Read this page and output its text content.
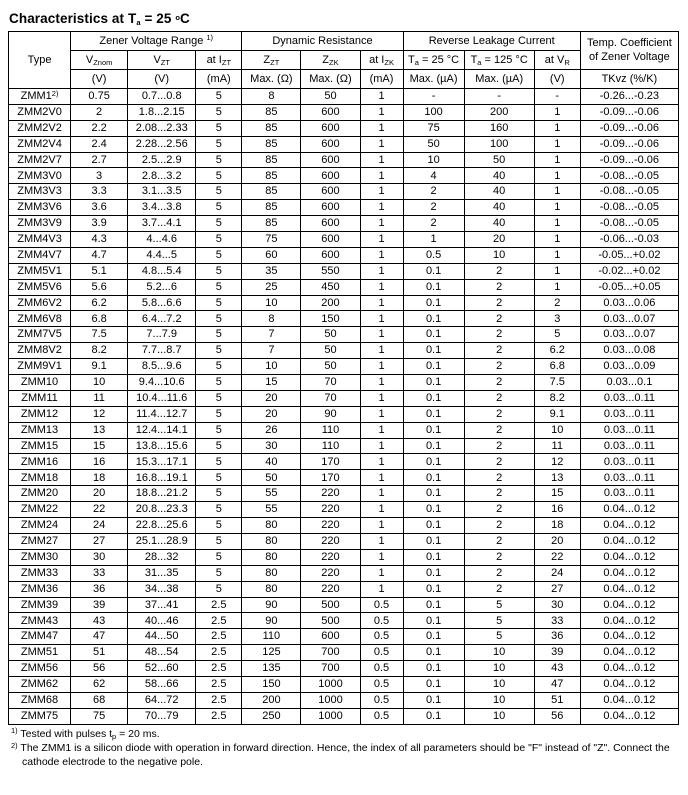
Characteristics at $T_a = 25$ $^o$C
Type	Zener Voltage Range $^{1)}$			Dynamic Resistance			Reverse Leakage Current			Temp. Coefficient of Zener Voltage
	$V_{Znom}$	$V_{ZT}$	at $I_{ZT}$	$Z_{ZT}$	$Z_{ZK}$	at $I_{ZK}$	$T_a = 25$ °C	$T_a = 125$ °C	at $V_R$
	(V)	(V)	(mA)	Max. (Ω)	Max. (Ω)	(mA)	Max. (µA)	Max. (µA)	(V)	TKvz (%/K)
ZMM1$^{2)}$	0.75	0.7...0.8	5	8	50	1	-	-	-	-0.26...-0.23
ZMM2V0	2	1.8...2.15	5	85	600	1	100	200	1	-0.09...-0.06
ZMM2V2	2.2	2.08...2.33	5	85	600	1	75	160	1	-0.09...-0.06
ZMM2V4	2.4	2.28...2.56	5	85	600	1	50	100	1	-0.09...-0.06
ZMM2V7	2.7	2.5...2.9	5	85	600	1	10	50	1	-0.09...-0.06
ZMM3V0	3	2.8...3.2	5	85	600	1	4	40	1	-0.08...-0.05
ZMM3V3	3.3	3.1...3.5	5	85	600	1	2	40	1	-0.08...-0.05
ZMM3V6	3.6	3.4...3.8	5	85	600	1	2	40	1	-0.08...-0.05
ZMM3V9	3.9	3.7...4.1	5	85	600	1	2	40	1	-0.08...-0.05
ZMM4V3	4.3	4...4.6	5	75	600	1	1	20	1	-0.06...-0.03
ZMM4V7	4.7	4.4...5	5	60	600	1	0.5	10	1	-0.05...+0.02
ZMM5V1	5.1	4.8...5.4	5	35	550	1	0.1	2	1	-0.02...+0.02
ZMM5V6	5.6	5.2...6	5	25	450	1	0.1	2	1	-0.05...+0.05
ZMM6V2	6.2	5.8...6.6	5	10	200	1	0.1	2	2	0.03...0.06
ZMM6V8	6.8	6.4...7.2	5	8	150	1	0.1	2	3	0.03...0.07
ZMM7V5	7.5	7...7.9	5	7	50	1	0.1	2	5	0.03...0.07
ZMM8V2	8.2	7.7...8.7	5	7	50	1	0.1	2	6.2	0.03...0.08
ZMM9V1	9.1	8.5...9.6	5	10	50	1	0.1	2	6.8	0.03...0.09
ZMM10	10	9.4...10.6	5	15	70	1	0.1	2	7.5	0.03...0.1
ZMM11	11	10.4...11.6	5	20	70	1	0.1	2	8.2	0.03...0.11
ZMM12	12	11.4...12.7	5	20	90	1	0.1	2	9.1	0.03...0.11
ZMM13	13	12.4...14.1	5	26	110	1	0.1	2	10	0.03...0.11
ZMM15	15	13.8...15.6	5	30	110	1	0.1	2	11	0.03...0.11
ZMM16	16	15.3...17.1	5	40	170	1	0.1	2	12	0.03...0.11
ZMM18	18	16.8...19.1	5	50	170	1	0.1	2	13	0.03...0.11
ZMM20	20	18.8...21.2	5	55	220	1	0.1	2	15	0.03...0.11
ZMM22	22	20.8...23.3	5	55	220	1	0.1	2	16	0.04...0.12
ZMM24	24	22.8...25.6	5	80	220	1	0.1	2	18	0.04...0.12
ZMM27	27	25.1...28.9	5	80	220	1	0.1	2	20	0.04...0.12
ZMM30	30	28...32	5	80	220	1	0.1	2	22	0.04...0.12
ZMM33	33	31...35	5	80	220	1	0.1	2	24	0.04...0.12
ZMM36	36	34...38	5	80	220	1	0.1	2	27	0.04...0.12
ZMM39	39	37...41	2.5	90	500	0.5	0.1	5	30	0.04...0.12
ZMM43	43	40...46	2.5	90	500	0.5	0.1	5	33	0.04...0.12
ZMM47	47	44...50	2.5	110	600	0.5	0.1	5	36	0.04...0.12
ZMM51	51	48...54	2.5	125	700	0.5	0.1	10	39	0.04...0.12
ZMM56	56	52...60	2.5	135	700	0.5	0.1	10	43	0.04...0.12
ZMM62	62	58...66	2.5	150	1000	0.5	0.1	10	47	0.04...0.12
ZMM68	68	64...72	2.5	200	1000	0.5	0.1	10	51	0.04...0.12
ZMM75	75	70...79	2.5	250	1000	0.5	0.1	10	56	0.04...0.12
$^{1)}$ Tested with pulses $t_p = 20$ ms.
$^{2)}$ The ZMM1 is a silicon diode with operation in forward direction. Hence, the index of all parameters should be "F" instead of "Z". Connect the cathode electrode to the negative pole.
